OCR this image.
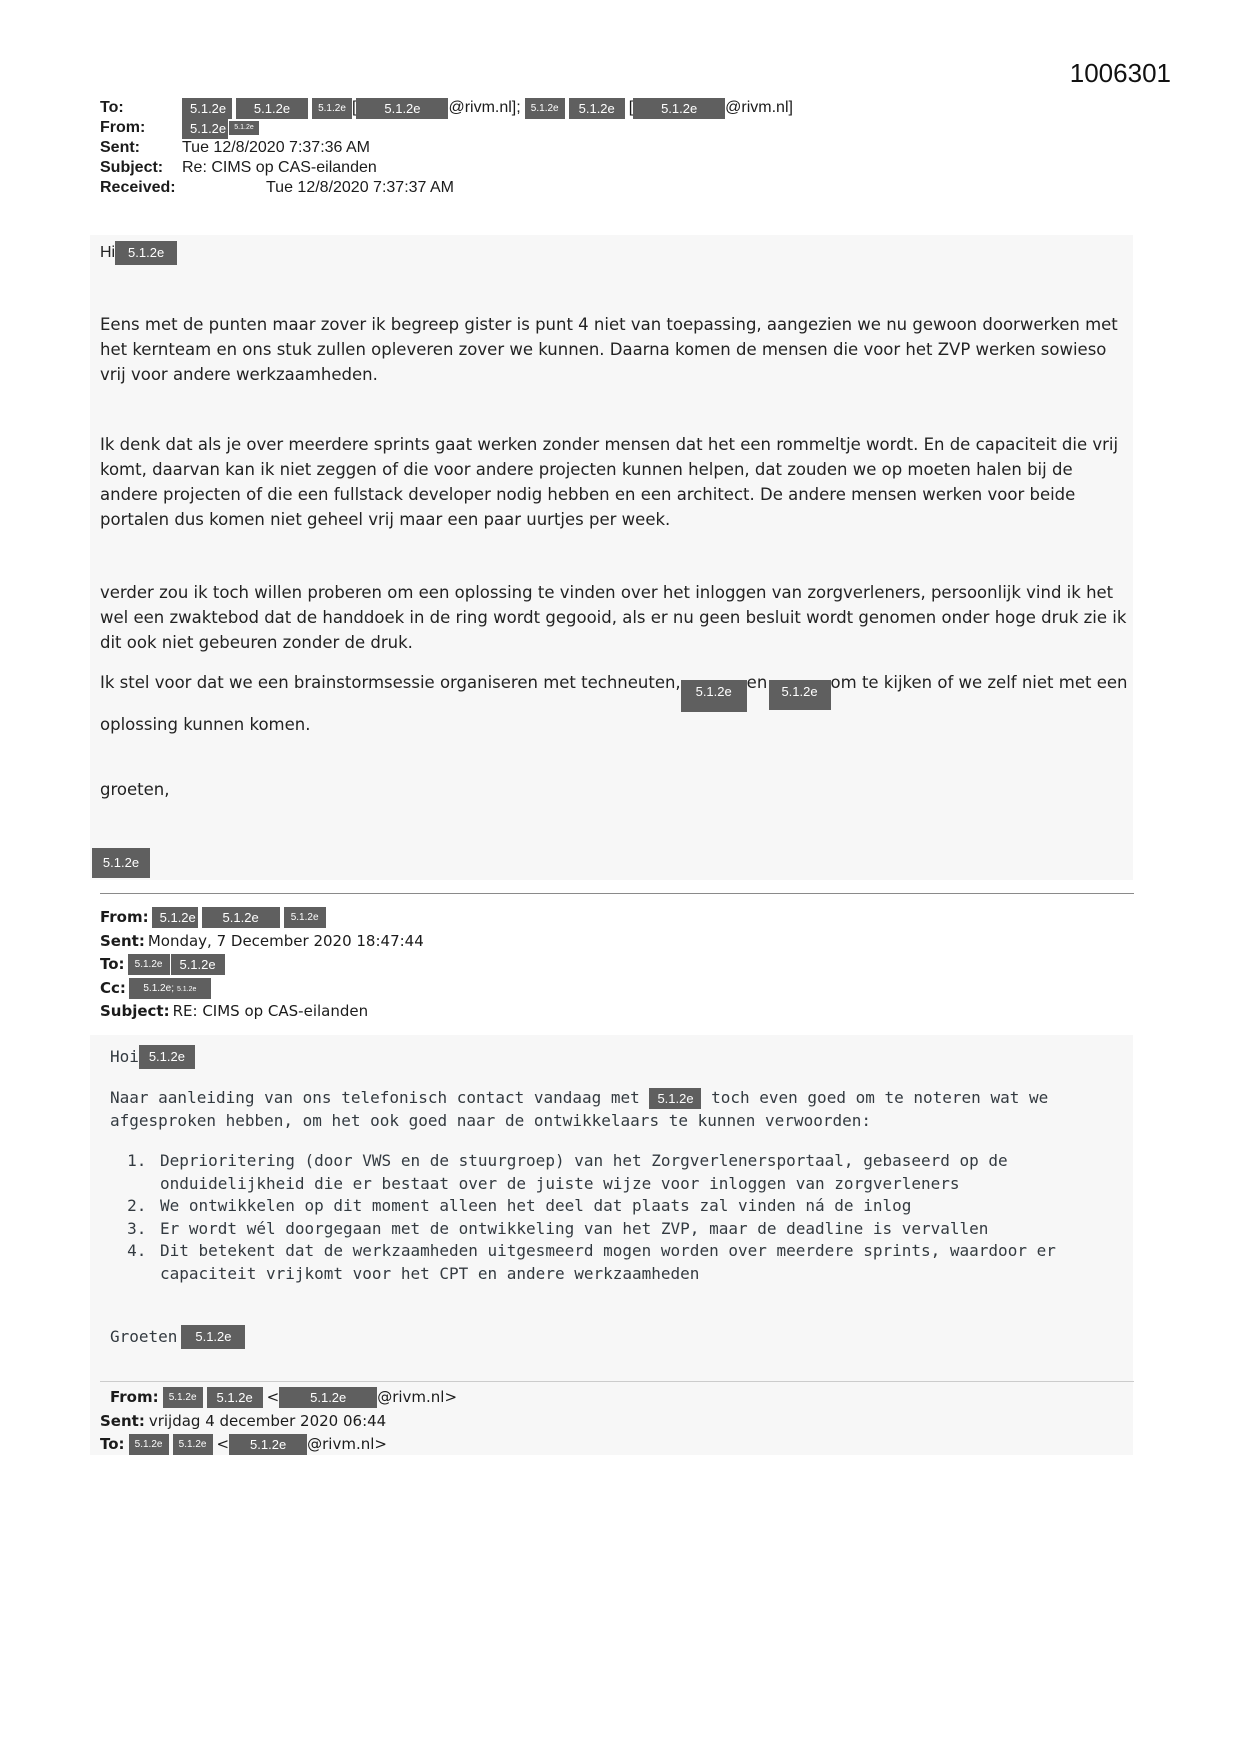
1006301
To:	5.1.2e	5.1.2e	5.1.2e [	5.1.2e	@rivm.nl];	5.1.2e	5.1.2e [	5.1.2e	@rivm.nl]
From:	5.1.2e	5.1.2e
Sent:	Tue 12/8/2020 7:37:36 AM
Subject:	Re: CIMS op CAS-eilanden
Received:	Tue 12/8/2020 7:37:37 AM

Hi 5.1.2e

Eens met de punten maar zover ik begreep gister is punt 4 niet van toepassing, aangezien we nu gewoon doorwerken met het kernteam en ons stuk zullen opleveren zover we kunnen. Daarna komen de mensen die voor het ZVP werken sowieso vrij voor andere werkzaamheden.

Ik denk dat als je over meerdere sprints gaat werken zonder mensen dat het een rommeltje wordt. En de capaciteit die vrij komt, daarvan kan ik niet zeggen of die voor andere projecten kunnen helpen, dat zouden we op moeten halen bij de andere projecten of die een fullstack developer nodig hebben en een architect. De andere mensen werken voor beide portalen dus komen niet geheel vrij maar een paar uurtjes per week.

verder zou ik toch willen proberen om een oplossing te vinden over het inloggen van zorgverleners, persoonlijk vind ik het wel een zwaktebod dat de handdoek in de ring wordt gegooid, als er nu geen besluit wordt genomen onder hoge druk zie ik dit ook niet gebeuren zonder de druk.

Ik stel voor dat we een brainstormsessie organiseren met techneuten, 5.1.2e en 5.1.2e om te kijken of we zelf niet met een oplossing kunnen komen.

groeten,

5.1.2e

From: 5.1.2e	5.1.2e	5.1.2e
Sent: Monday, 7 December 2020 18:47:44
To:	5.1.2e	5.1.2e
Cc:	5.1.2e; 5.1.2e
Subject: RE: CIMS op CAS-eilanden
Hoi 5.1.2e
Naar aanleiding van ons telefonisch contact vandaag met 5.1.2e toch even goed om te noteren wat we afgesproken hebben, om het ook goed naar de ontwikkelaars te kunnen verwoorden:
1. Deprioritering (door VWS en de stuurgroep) van het Zorgverlenersportaal, gebaseerd op de onduidelijkheid die er bestaat over de juiste wijze voor inloggen van zorgverleners
2. We ontwikkelen op dit moment alleen het deel dat plaats zal vinden ná de inlog
3. Er wordt wél doorgegaan met de ontwikkeling van het ZVP, maar de deadline is vervallen
4. Dit betekent dat de werkzaamheden uitgesmeerd mogen worden over meerdere sprints, waardoor er capaciteit vrijkomt voor het CPT en andere werkzaamheden
Groeten	5.1.2e
From:	5.1.2e	5.1.2e <	5.1.2e	@rivm.nl>
Sent: vrijdag 4 december 2020 06:44
To:	5.1.2e	5.1.2e <	5.1.2e	@rivm.nl>
